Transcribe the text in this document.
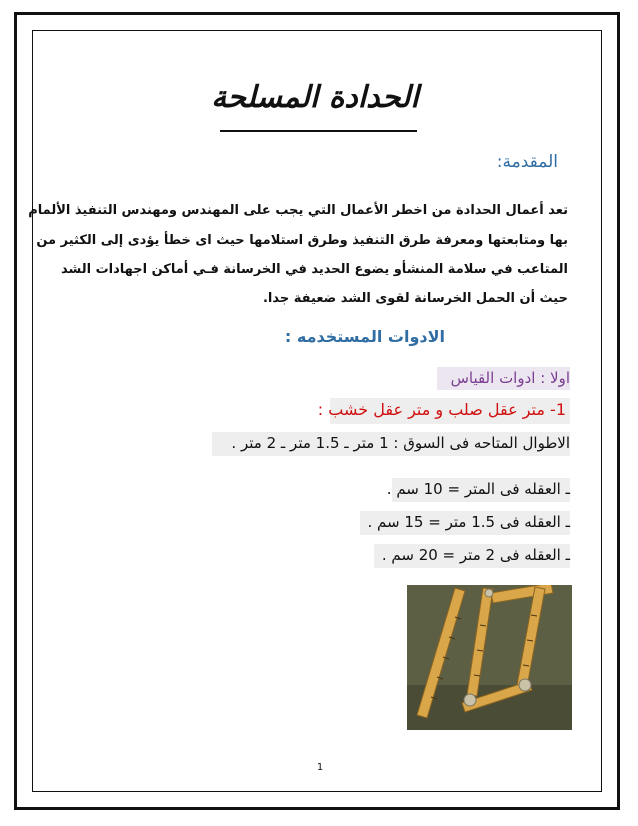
الحدادة المسلحة
المقدمة:
تعد أعمال الحدادة من اخطر الأعمال التي يجب على المهندس ومهندس التنفيذ الألمام
بها ومتابعتها ومعرفة طرق التنفيذ وطرق استلامها حيث اى خطأ يؤدى إلى الكثير من
المتاعب في سلامة المنشأو يضوع الحديد في الخرسانة فـي أماكن اجهادات الشد
حيث أن الحمل الخرسانة لقوى الشد ضعيفة جدا.
الادوات المستخدمه :
اولا : ادوات القياس
1- متر عقل صلب و متر عقل خشب :
الاطوال المتاحه فى السوق : 1 متر ـ 1.5 متر ـ 2 متر .
ـ العقله فى المتر = 10 سم .
ـ العقله فى 1.5 متر = 15 سم .
ـ العقله فى 2 متر = 20 سم .
1
